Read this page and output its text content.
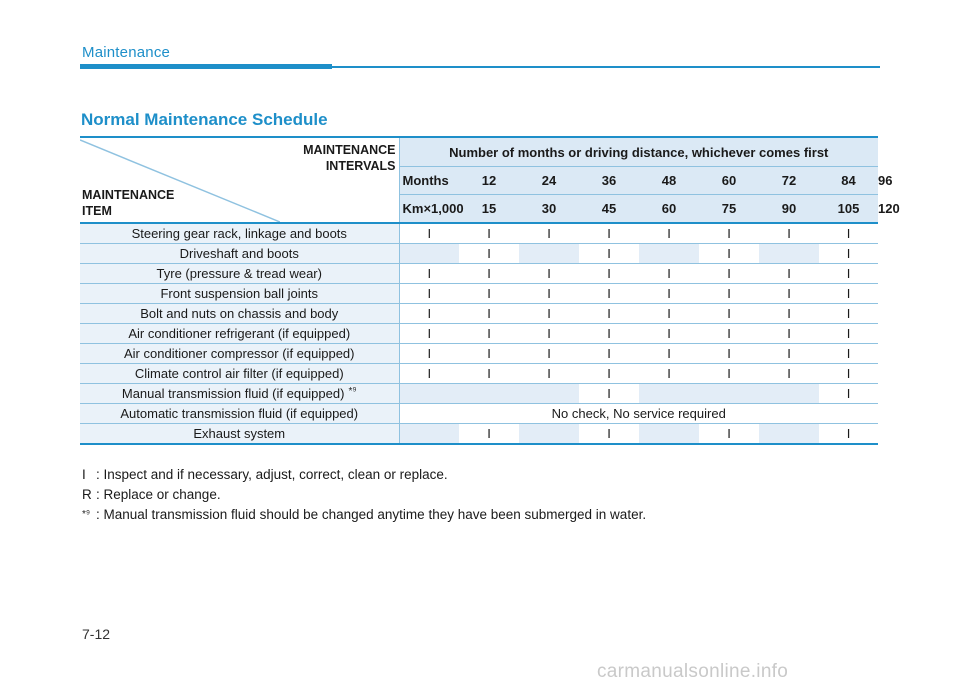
Maintenance
Normal Maintenance Schedule
MAINTENANCE
INTERVALS
MAINTENANCE
ITEM	Number of months or driving distance, whichever comes first								
	Months	12	24	36	48	60	72	84	96
	Km×1,000	15	30	45	60	75	90	105	120
Steering gear rack, linkage and boots	I	I	I	I	I	I	I	I	
Driveshaft and boots		I		I		I		I	
Tyre (pressure & tread wear)	I	I	I	I	I	I	I	I	
Front suspension ball joints	I	I	I	I	I	I	I	I	
Bolt and nuts on chassis and body	I	I	I	I	I	I	I	I	
Air conditioner refrigerant (if equipped)	I	I	I	I	I	I	I	I	
Air conditioner compressor (if equipped)	I	I	I	I	I	I	I	I	
Climate control air filter (if equipped)	I	I	I	I	I	I	I	I	
Manual transmission fluid (if equipped) $^{*^9}$				I				I	
Automatic transmission fluid (if equipped)	No check, No service required								
Exhaust system		I		I		I		I	
I : Inspect and if necessary, adjust, correct, clean or replace.
R : Replace or change.
*⁹ : Manual transmission fluid should be changed anytime they have been submerged in water.
7-12
carmanualsonline.info
